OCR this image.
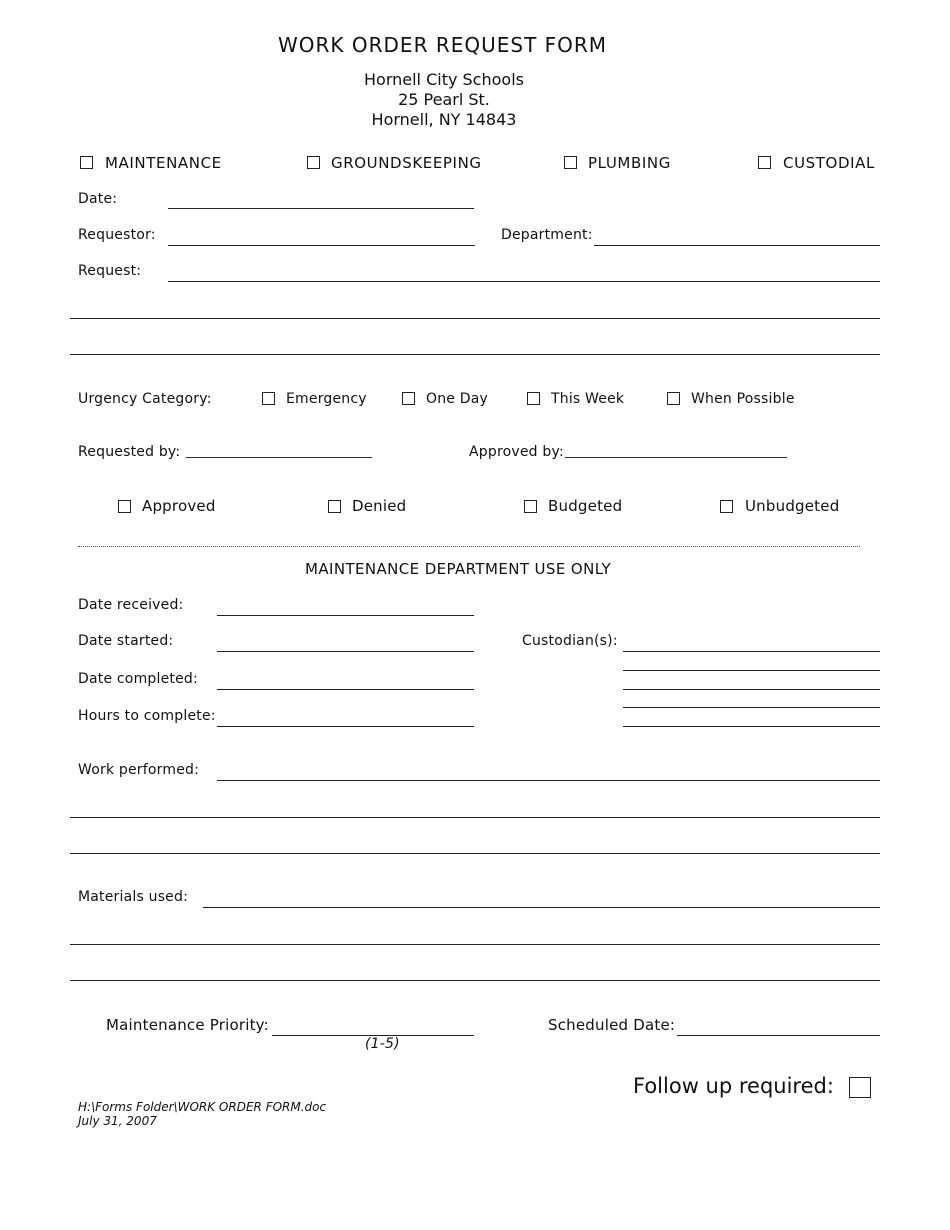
WORK ORDER REQUEST FORM
Hornell City Schools
25 Pearl St.
Hornell, NY 14843
MAINTENANCE	GROUNDSKEEPING	PLUMBING	CUSTODIAL
Date:
Requestor:	Department:
Request:
Urgency Category:	Emergency	One Day	This Week	When Possible
Requested by: _______________________________	Approved by: _____________________________________
Approved	Denied	Budgeted	Unbudgeted
MAINTENANCE DEPARTMENT USE ONLY
Date received:
Date started:	Custodian(s):
Date completed:
Hours to complete:
Work performed:
Materials used:
Maintenance Priority:
(1-5)
Scheduled Date:
Follow up required:
H:\Forms Folder\WORK ORDER FORM.doc
July 31, 2007
